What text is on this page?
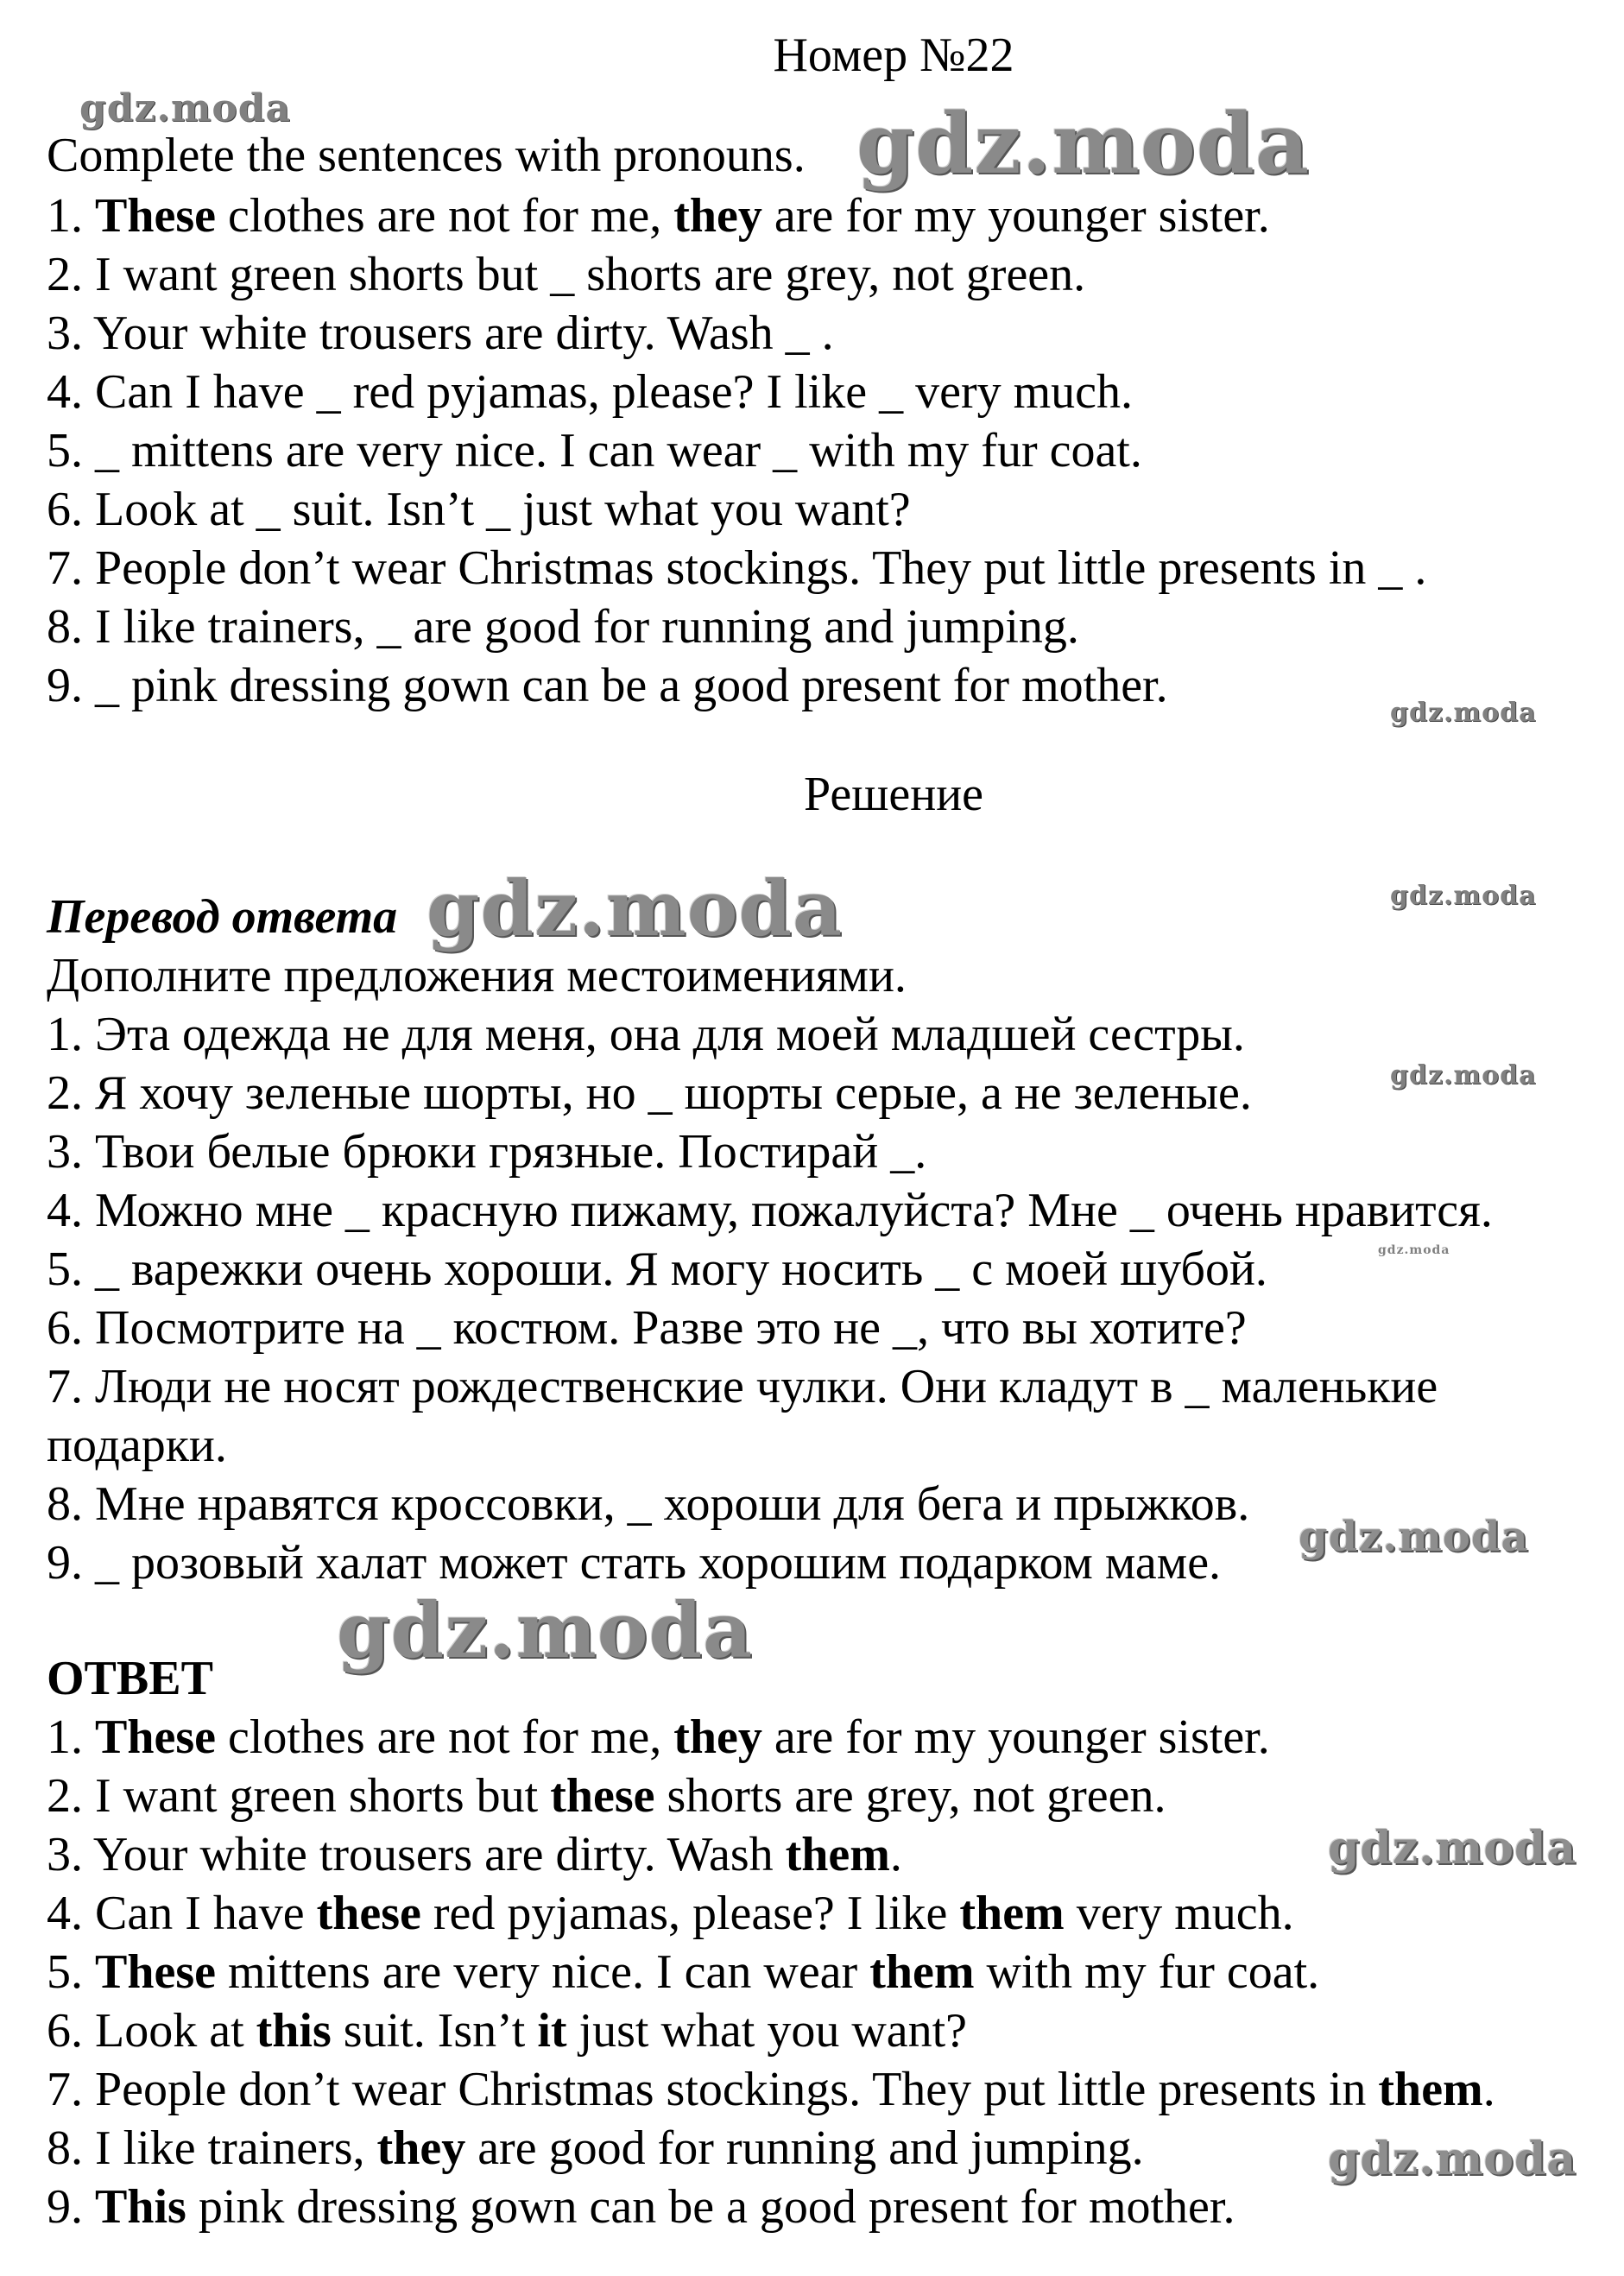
Номер №22

Complete the sentences with pronouns.

1. These clothes are not for me, they are for my younger sister.

2. I want green shorts but _ shorts are grey, not green.

3. Your white trousers are dirty. Wash _ .

4. Can I have _ red pyjamas, please? I like _ very much.

5. _ mittens are very nice. I can wear _ with my fur coat.

6. Look at _ suit. Isn’t _ just what you want?

7. People don’t wear Christmas stockings. They put little presents in _ .

8. I like trainers, _ are good for running and jumping.

9. _ pink dressing gown can be a good present for mother.

Решение

Перевод ответа

Дополните предложения местоимениями.

1. Эта одежда не для меня, она для моей младшей сестры.

2. Я хочу зеленые шорты, но _ шорты серые, а не зеленые.

3. Твои белые брюки грязные. Постирай _.

4. Можно мне _ красную пижаму, пожалуйста? Мне _ очень нравится.

5. _ варежки очень хороши. Я могу носить _ с моей шубой.

6. Посмотрите на _ костюм. Разве это не _, что вы хотите?

7. Люди не носят рождественские чулки. Они кладут в _ маленькие

подарки.

8. Мне нравятся кроссовки, _ хороши для бега и прыжков.

9. _ розовый халат может стать хорошим подарком маме.

ОТВЕТ

1. These clothes are not for me, they are for my younger sister.

2. I want green shorts but these shorts are grey, not green.

3. Your white trousers are dirty. Wash them.

4. Can I have these red pyjamas, please? I like them very much.

5. These mittens are very nice. I can wear them with my fur coat.

6. Look at this suit. Isn’t it just what you want?

7. People don’t wear Christmas stockings. They put little presents in them.

8. I like trainers, they are good for running and jumping.

9. This pink dressing gown can be a good present for mother.

gdz.moda	gdz.moda
gdz.moda
gdz.moda	gdz.moda
gdz.moda
gdz.moda
gdz.moda
gdz.moda
gdz.moda
gdz.moda
